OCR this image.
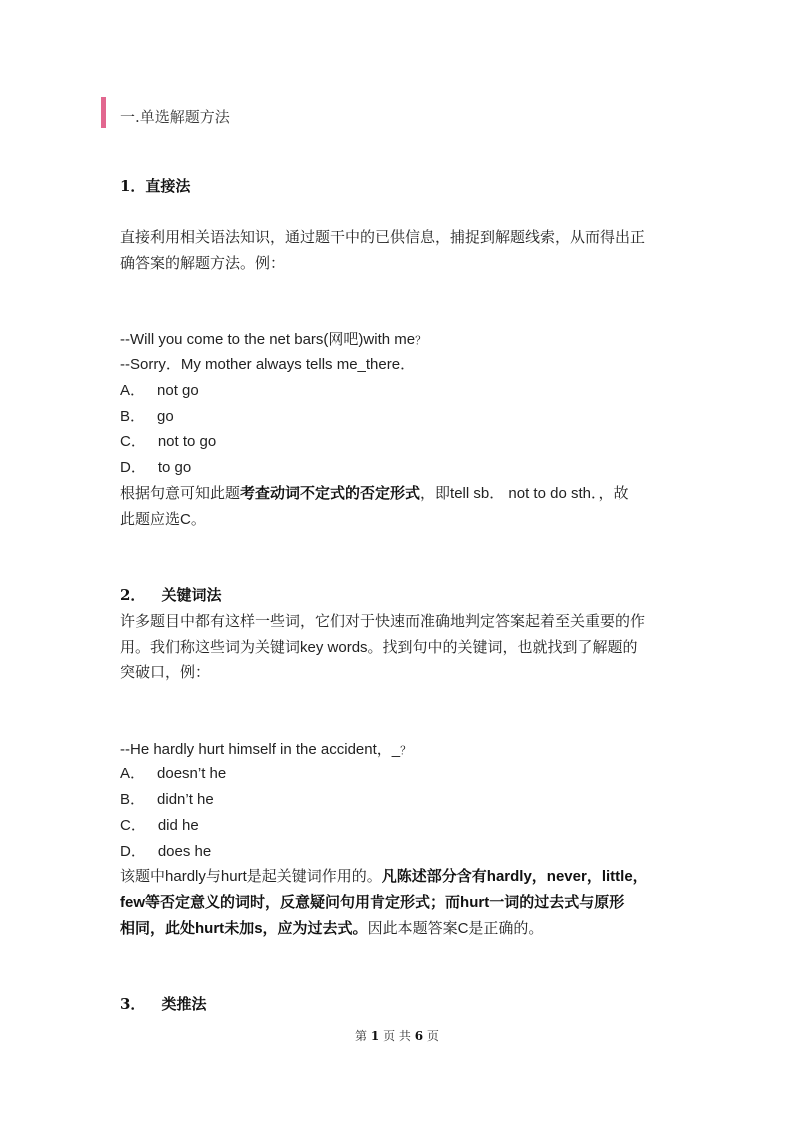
一.单选解题方法
1．直接法
直接利用相关语法知识，通过题干中的已供信息，捕捉到解题线索，从而得出正
确答案的解题方法。例：
--Will you come to the net bars(网吧)with me？
--Sorry．My mother always tells me_there．
A． not go
B． go
C． not to go
D． to go
根据句意可知此题考查动词不定式的否定形式，即tell sb． not to do sth．，故
此题应选C。
2． 关键词法
许多题目中都有这样一些词，它们对于快速而准确地判定答案起着至关重要的作
用。我们称这些词为关键词key words。找到句中的关键词，也就找到了解题的
突破口，例：
--He hardly hurt himself in the accident，_？
A． doesn’t he
B． didn’t he
C． did he
D． does he
该题中hardly与hurt是起关键词作用的。凡陈述部分含有hardly，never，little，
few等否定意义的词时，反意疑问句用肯定形式；而hurt一词的过去式与原形
相同，此处hurt未加s，应为过去式。因此本题答案C是正确的。
3． 类推法
第 1 页 共 6 页
